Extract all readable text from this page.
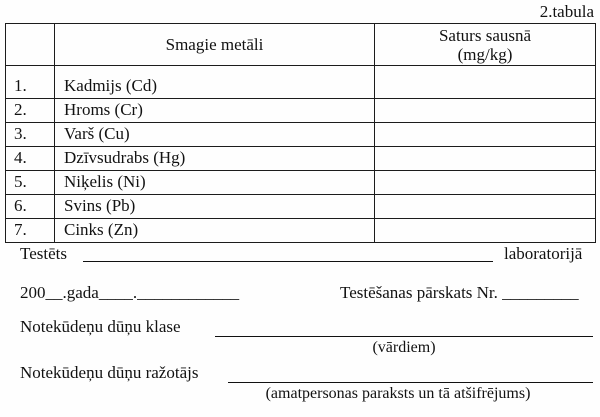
2.tabula
	Smagie metāli	Saturs sausnā
(mg/kg)
1.	Kadmijs (Cd)	
2.	Hroms (Cr)	
3.	Varš (Cu)	
4.	Dzīvsudrabs (Hg)	
5.	Niķelis (Ni)	
6.	Svins (Pb)	
7.	Cinks (Zn)	
Testēts	laboratorijā
200__.gada____.____________	Testēšanas pārskats Nr. _________
Notekūdeņu dūņu klase
(vārdiem)
Notekūdeņu dūņu ražotājs
(amatpersonas paraksts un tā atšifrējums)
